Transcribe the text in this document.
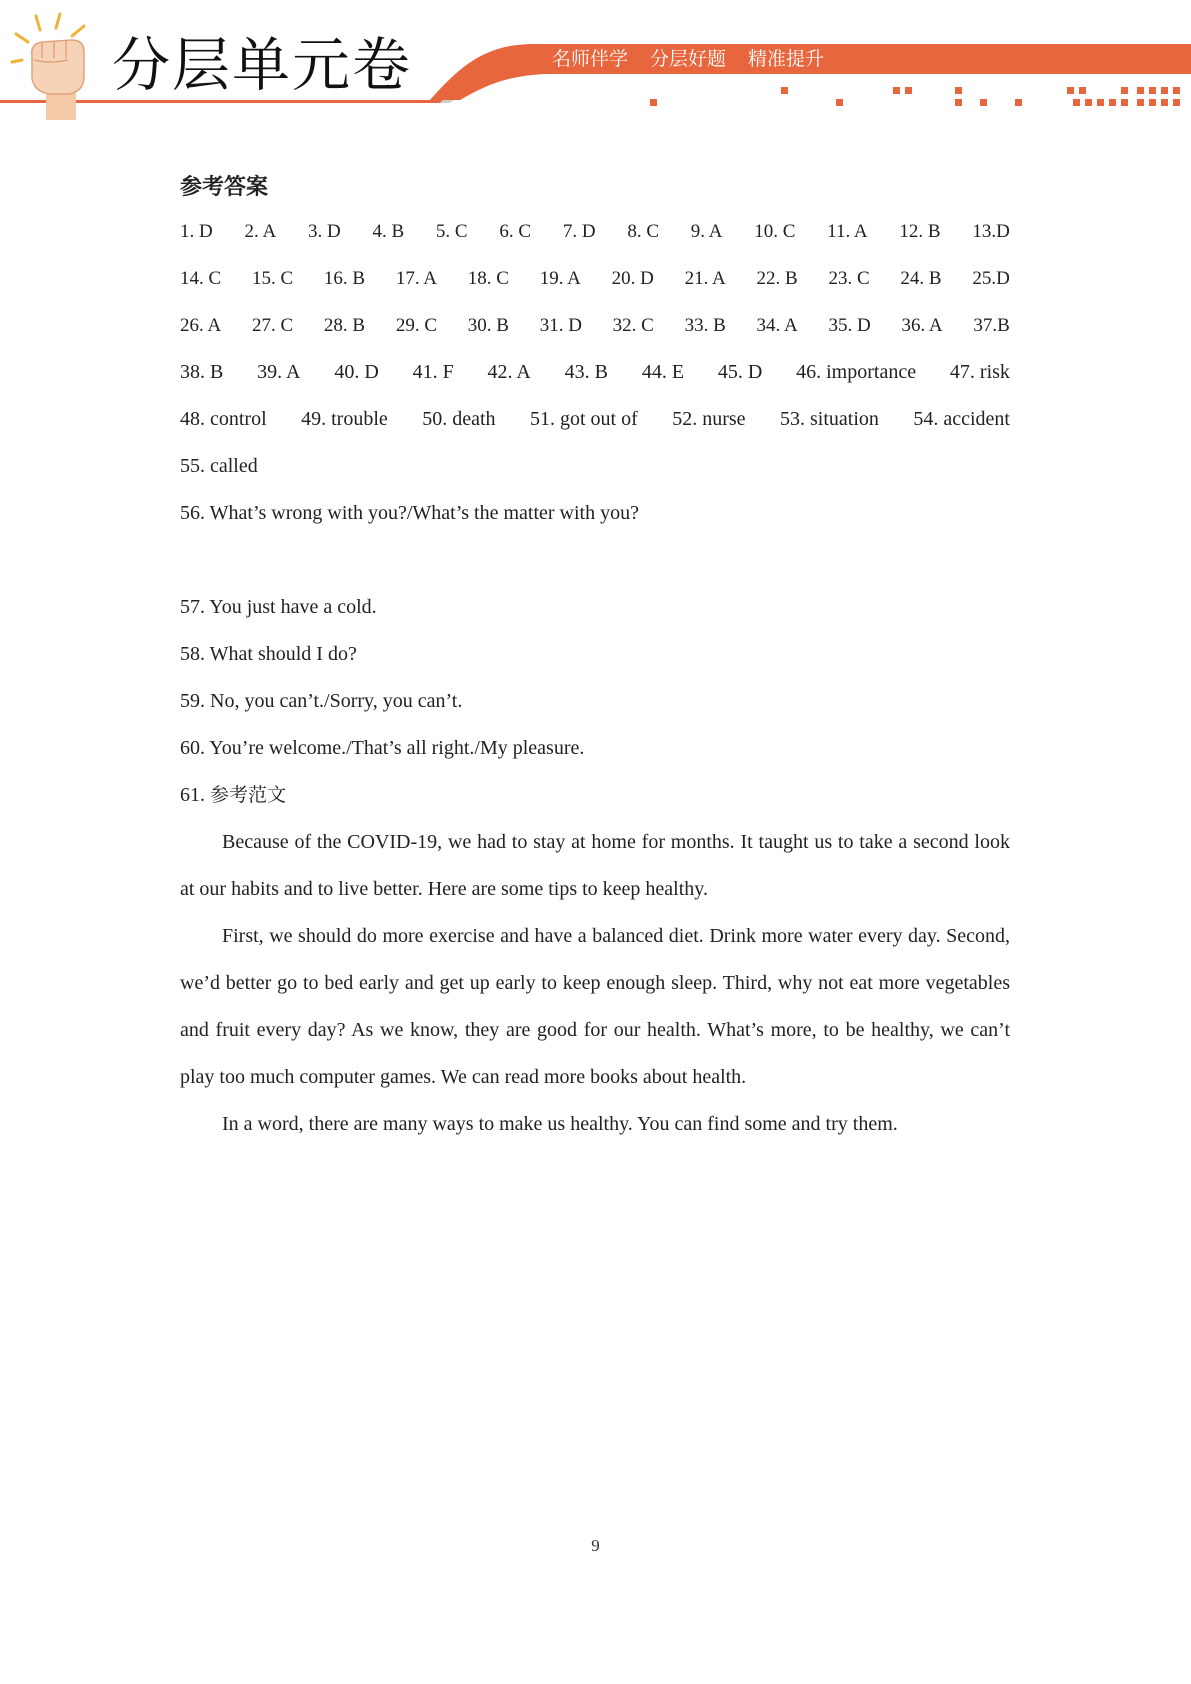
分层单元卷	名师伴学 分层好题 精准提升
参考答案
1. D 2. A 3. D 4. B 5. C 6. C 7. D 8. C 9. A 10. C 11. A 12. B 13.D
14. C 15. C 16. B 17. A 18. C 19. A 20. D 21. A 22. B 23. C 24. B 25.D
26. A 27. C 28. B 29. C 30. B 31. D 32. C 33. B 34. A 35. D 36. A 37.B
38. B 39. A 40. D 41. F 42. A 43. B 44. E 45. D 46. importance 47. risk
48. control 49. trouble 50. death 51. got out of 52. nurse 53. situation 54. accident
55. called
56. What’s wrong with you?/What’s the matter with you?
57. You just have a cold.
58. What should I do?
59. No, you can’t./Sorry, you can’t.
60. You’re welcome./That’s all right./My pleasure.
61. 参考范文
Because of the COVID-19, we had to stay at home for months. It taught us to take a second look at our habits and to live better. Here are some tips to keep healthy.
First, we should do more exercise and have a balanced diet. Drink more water every day. Second, we’d better go to bed early and get up early to keep enough sleep. Third, why not eat more vegetables and fruit every day? As we know, they are good for our health. What’s more, to be healthy, we can’t play too much computer games. We can read more books about health.
In a word, there are many ways to make us healthy. You can find some and try them.
9
